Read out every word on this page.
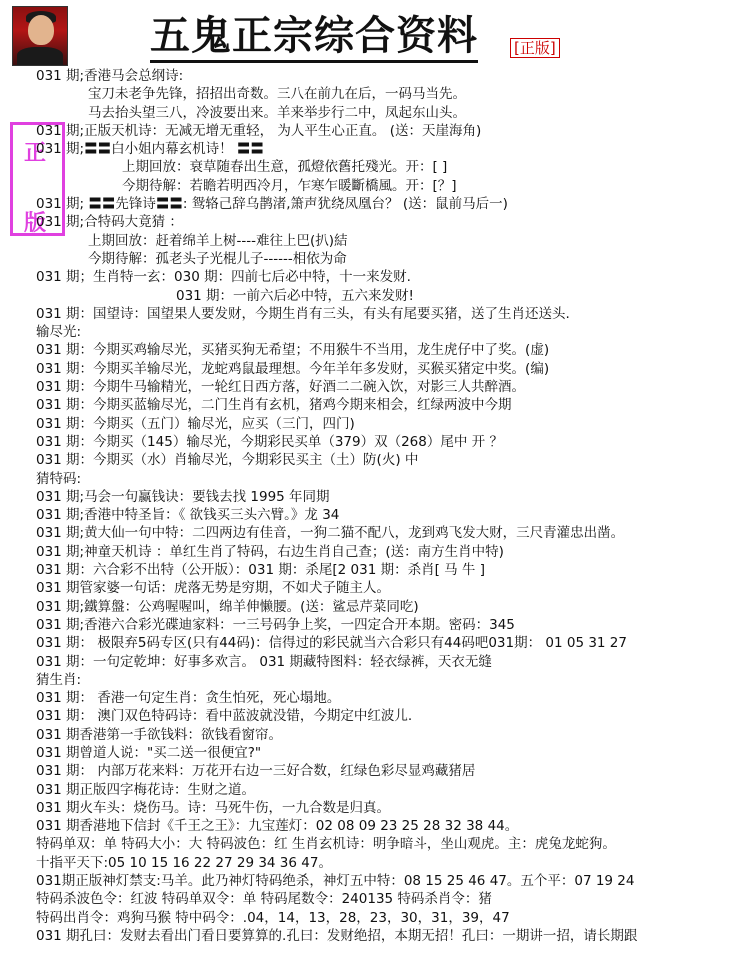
五鬼正宗综合资料 [正版]
正
版
031 期;香港马会总纲诗:
宝刀未老争先锋，招招出奇数。三八在前九在后，一码马当先。
马去抬头望三八，冷波要出来。羊来举步行二中，凤起东山头。
031 期;正版天机诗：无减无增无重轻， 为人平生心正直。 (送：天崖海角)
031 期;〓〓白小姐内幕玄机诗！ 〓〓
上期回放：衰草随春出生意，孤燈依舊托殘光。开：[ ]
今期待解：若瞻若明西冷月，乍寒乍暖斷橋風。开：[？]
031 期; 〓〓先锋诗〓〓: 鸳辂己辞乌鹊渚,箫声犹绕凤凰台？ (送：鼠前马后一)
031 期;合特码大竟猜 ：
上期回放：赶着绵羊上树----难往上巴(扒)結
今期待解：孤老头子光棍儿子------相依为命
031 期；生肖特一玄：030 期：四前七后必中特，十一来发财.
031 期：一前六后必中特，五六来发财!
031 期：国望诗：国望果人要发财，今期生肖有三头，有头有尾要买猪，送了生肖还送头.
输尽光:
031 期：今期买鸡输尽光，买猪买狗无希望；不用猴牛不当用，龙生虎仔中了奖。(虚)
031 期：今期买羊输尽光，龙蛇鸡鼠最理想。今年羊年多发财，买猴买猪定中奖。(编)
031 期：今期牛马输精光，一轮红日西方落，好酒二二碗入饮，对影三人共醉酒。
031 期：今期买蓝输尽光，二门生肖有玄机，猪鸡今期来相会，红绿两波中今期
031 期：今期买（五门）输尽光，应买（三门，四门)
031 期：今期买（145）输尽光，今期彩民买单（379）双（268）尾中 开 ？
031 期：今期买（水）肖输尽光，今期彩民买主（土）防(火) 中
猜特码:
031 期;马会一句赢钱诀：要钱去找 1995 年同期
031 期;香港中特圣旨：《 欲钱买三头六臂。》龙 34
031 期;黄大仙一句中特：二四两边有佳音，一狗二猫不配八，龙到鸡飞发大财，三尺青灌忠出凿。
031 期;神童天机诗 ：单红生肖了特码，右边生肖自己查；(送：南方生肖中特)
031 期：六合彩不出特（公开版）：031 期：杀尾[2 031 期：杀肖[ 马 牛 ]
031 期管家婆一句话：虎落无势是穷期，不如犬子随主人。
031 期;鐵算盤：公鸡喔喔叫，绵羊伸懒腰。(送：鲨忌芹菜同吃)
031 期;香港六合彩光碟迪家料：一三号码争上奖，一四定合开本期。密码：345
031 期： 极限弃5码专区(只有44码)：信得过的彩民就当六合彩只有44码吧031期： 01 05 31 27
031 期：一句定乾坤：好事多欢言。 031 期藏特图料：轻衣绿裤，天衣无缝
猜生肖:
031 期： 香港一句定生肖：贪生怕死，死心塌地。
031 期： 澳门双色特码诗：看中蓝波就没错，今期定中红波儿.
031 期香港第一手欲钱料：欲钱看窗帘。
031 期曾道人说："买二送一很便宜?"
031 期： 内部万花来料：万花开右边一三好合数，红绿色彩尽显鸡藏猪居
031 期正版四字梅花诗：生财之道。
031 期火车头：烧伤马。诗：马死牛伤，一九合数是归真。
031 期香港地下信封《千王之王》：九宝莲灯：02 08 09 23 25 28 32 38 44。
特码单双：单 特码大小：大 特码波色：红 生肖玄机诗：明争暗斗，坐山观虎。主：虎兔龙蛇狗。
十指平天下:05 10 15 16 22 27 29 34 36 47。
031期正版神灯禁支:马羊。此乃神灯特码绝杀，神灯五中特：08 15 25 46 47。五个平：07 19 24
特码杀波色令：红波 特码单双令：单 特码尾数令：240135 特码杀肖令：猪
特码出肖令：鸡狗马猴 特中码令：.04，14，13，28，23，30，31，39，47
031 期孔曰：发财去看出门看日要算算的.孔曰：发财绝招，本期无招！孔曰：一期讲一招，请长期跟
